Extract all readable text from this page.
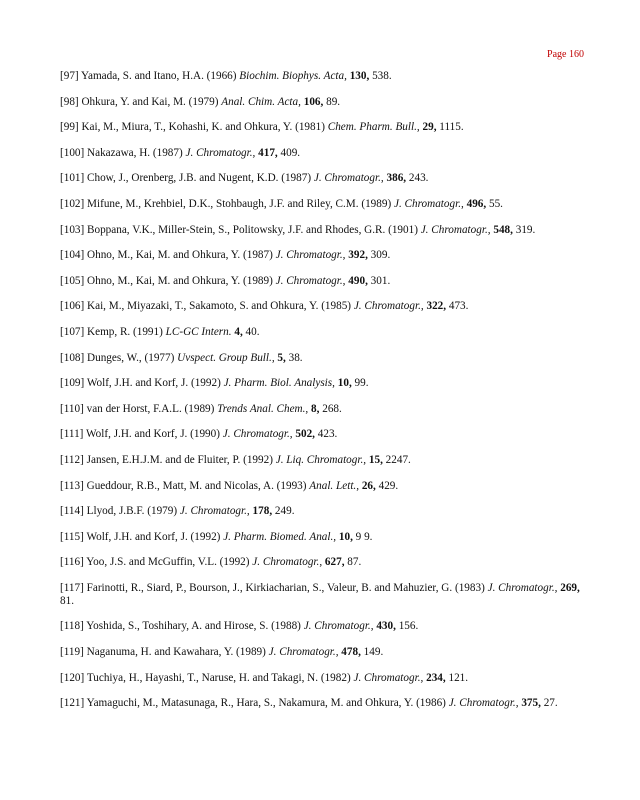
Page 160
[97] Yamada, S. and Itano, H.A. (1966) Biochim. Biophys. Acta, 130, 538.
[98] Ohkura, Y. and Kai, M. (1979) Anal. Chim. Acta, 106, 89.
[99] Kai, M., Miura, T., Kohashi, K. and Ohkura, Y. (1981) Chem. Pharm. Bull., 29, 1115.
[100] Nakazawa, H. (1987) J. Chromatogr., 417, 409.
[101] Chow, J., Orenberg, J.B. and Nugent, K.D. (1987) J. Chromatogr., 386, 243.
[102] Mifune, M., Krehbiel, D.K., Stohbaugh, J.F. and Riley, C.M. (1989) J. Chromatogr., 496, 55.
[103] Boppana, V.K., Miller-Stein, S., Politowsky, J.F. and Rhodes, G.R. (1901) J. Chromatogr., 548, 319.
[104] Ohno, M., Kai, M. and Ohkura, Y. (1987) J. Chromatogr., 392, 309.
[105] Ohno, M., Kai, M. and Ohkura, Y. (1989) J. Chromatogr., 490, 301.
[106] Kai, M., Miyazaki, T., Sakamoto, S. and Ohkura, Y. (1985) J. Chromatogr., 322, 473.
[107] Kemp, R. (1991) LC-GC Intern. 4, 40.
[108] Dunges, W., (1977) Uvspect. Group Bull., 5, 38.
[109] Wolf, J.H. and Korf, J. (1992) J. Pharm. Biol. Analysis, 10, 99.
[110] van der Horst, F.A.L. (1989) Trends Anal. Chem., 8, 268.
[111] Wolf, J.H. and Korf, J. (1990) J. Chromatogr., 502, 423.
[112] Jansen, E.H.J.M. and de Fluiter, P. (1992) J. Liq. Chromatogr., 15, 2247.
[113] Gueddour, R.B., Matt, M. and Nicolas, A. (1993) Anal. Lett., 26, 429.
[114] Llyod, J.B.F. (1979) J. Chromatogr., 178, 249.
[115] Wolf, J.H. and Korf, J. (1992) J. Pharm. Biomed. Anal., 10, 9 9.
[116] Yoo, J.S. and McGuffin, V.L. (1992) J. Chromatogr., 627, 87.
[117] Farinotti, R., Siard, P., Bourson, J., Kirkiacharian, S., Valeur, B. and Mahuzier, G. (1983) J. Chromatogr., 269, 81.
[118] Yoshida, S., Toshihary, A. and Hirose, S. (1988) J. Chromatogr., 430, 156.
[119] Naganuma, H. and Kawahara, Y. (1989) J. Chromatogr., 478, 149.
[120] Tuchiya, H., Hayashi, T., Naruse, H. and Takagi, N. (1982) J. Chromatogr., 234, 121.
[121] Yamaguchi, M., Matasunaga, R., Hara, S., Nakamura, M. and Ohkura, Y. (1986) J. Chromatogr., 375, 27.
